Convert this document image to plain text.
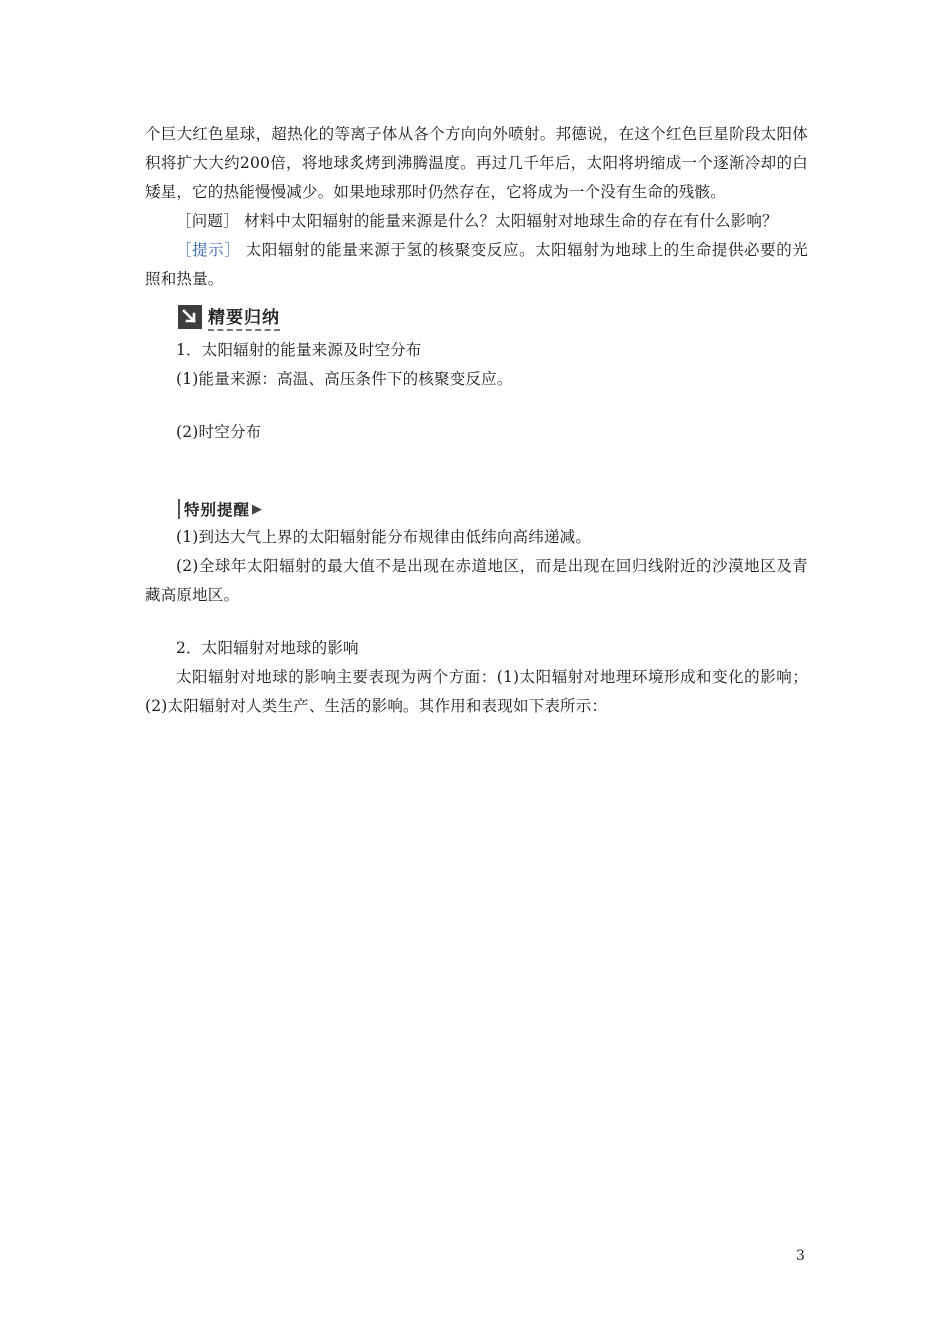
个巨大红色星球，超热化的等离子体从各个方向向外喷射。邦德说，在这个红色巨星阶段太阳体积将扩大大约200倍，将地球炙烤到沸腾温度。再过几千年后，太阳将坍缩成一个逐渐冷却的白矮星，它的热能慢慢减少。如果地球那时仍然存在，它将成为一个没有生命的残骸。

［问题］ 材料中太阳辐射的能量来源是什么？太阳辐射对地球生命的存在有什么影响？

［提示］ 太阳辐射的能量来源于氢的核聚变反应。太阳辐射为地球上的生命提供必要的光照和热量。

精要归纳

1．太阳辐射的能量来源及时空分布

(1)能量来源：高温、高压条件下的核聚变反应。

(2)时空分布

特别提醒 ▶

(1)到达大气上界的太阳辐射能分布规律由低纬向高纬递减。

(2)全球年太阳辐射的最大值不是出现在赤道地区，而是出现在回归线附近的沙漠地区及青藏高原地区。

2．太阳辐射对地球的影响

太阳辐射对地球的影响主要表现为两个方面：(1)太阳辐射对地理环境形成和变化的影响；(2)太阳辐射对人类生产、生活的影响。其作用和表现如下表所示：

3
